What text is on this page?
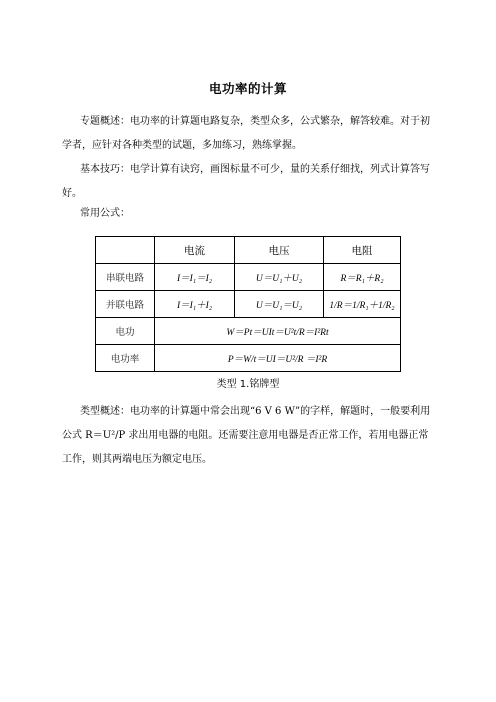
电功率的计算
专题概述：电功率的计算题电路复杂，类型众多，公式繁杂，解答较难。对于初学者，应针对各种类型的试题，多加练习，熟练掌握。
基本技巧：电学计算有诀窍，画图标量不可少，量的关系仔细找，列式计算答写好。
常用公式：
	电流	电压	电阻
串联电路	I＝I₁＝I₂	U＝U₁＋U₂	R＝R₁＋R₂
并联电路	I＝I₁＋I₂	U＝U₁＝U₂	1/R＝1/R₁＋1/R₂
电功	W＝Pt＝UIt＝U²t/R＝I²Rt		
电功率	P＝W/t＝UI＝U²/R ＝I²R		
类型 1.铭牌型
类型概述：电功率的计算题中常会出现“6 V 6 W”的字样，解题时，一般要利用公式 R＝U²/P 求出用电器的电阻。还需要注意用电器是否正常工作，若用电器正常工作，则其两端电压为额定电压。
